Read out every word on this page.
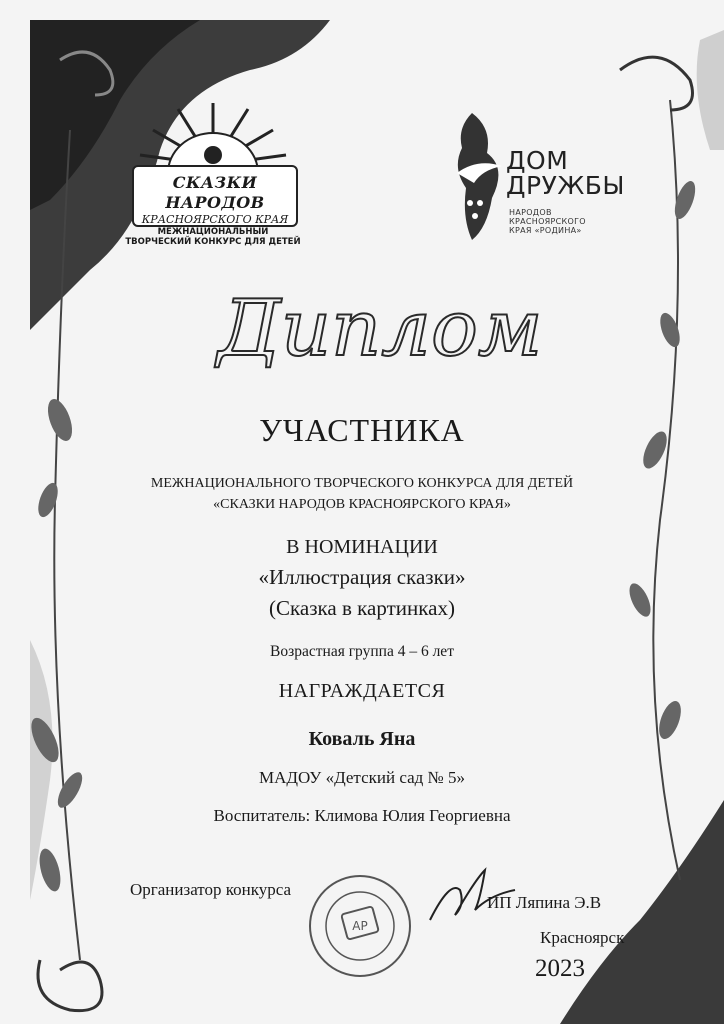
СКАЗКИ НАРОДОВ
КРАСНОЯРСКОГО КРАЯ
МЕЖНАЦИОНАЛЬНЫЙ
ТВОРЧЕСКИЙ КОНКУРС ДЛЯ ДЕТЕЙ
ДОМ
ДРУЖБЫ
НАРОДОВ
КРАСНОЯРСКОГО
КРАЯ «РОДИНА»
Диплом
УЧАСТНИКА
МЕЖНАЦИОНАЛЬНОГО ТВОРЧЕСКОГО КОНКУРСА ДЛЯ ДЕТЕЙ
«СКАЗКИ НАРОДОВ КРАСНОЯРСКОГО КРАЯ»
В НОМИНАЦИИ
«Иллюстрация сказки»
(Сказка в картинках)
Возрастная группа 4 – 6 лет
НАГРАЖДАЕТСЯ
Коваль Яна
МАДОУ «Детский сад № 5»
Воспитатель: Климова Юлия Георгиевна
Организатор конкурса
AP
ИП Ляпина Э.В
Красноярск
2023
